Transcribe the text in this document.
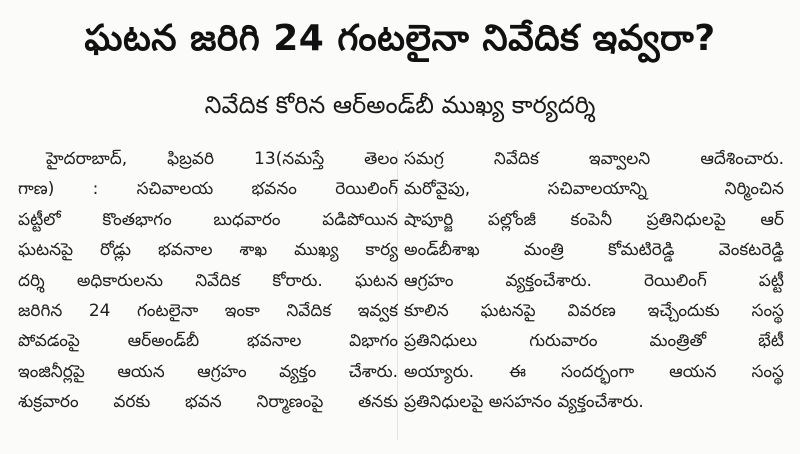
ఘటన జరిగి 24 గంటలైనా నివేదిక ఇవ్వరా?
నివేదిక కోరిన ఆర్‌అండ్‌బీ ముఖ్య కార్యదర్శి
హైదరాబాద్, ఫిబ్రవరి 13(నమస్తే తెలం
గాణ) : సచివాలయ భవనం రెయిలింగ్
పట్టీలో కొంతభాగం బుధవారం పడిపోయిన
ఘటనపై రోడ్లు భవనాల శాఖ ముఖ్య కార్య
దర్శి అధికారులను నివేదిక కోరారు. ఘటన
జరిగిన 24 గంటలైనా ఇంకా నివేదిక ఇవ్వక
పోవడంపై ఆర్‌అండ్‌బీ భవనాల విభాగం
ఇంజినీర్లపై ఆయన ఆగ్రహం వ్యక్తం చేశారు.
శుక్రవారం వరకు భవన నిర్మాణంపై తనకు
సమగ్ర నివేదిక ఇవ్వాలని ఆదేశించారు.
మరోవైపు, సచివాలయాన్ని నిర్మించిన
షాపూర్జి పల్లోంజీ కంపెనీ ప్రతినిధులపై ఆర్
అండ్‌బీశాఖ మంత్రి కోమటిరెడ్డి వెంకటరెడ్డి
ఆగ్రహం వ్యక్తంచేశారు. రెయిలింగ్ పట్టీ
కూలిన ఘటనపై వివరణ ఇచ్చేందుకు సంస్థ
ప్రతినిధులు గురువారం మంత్రితో భేటీ
అయ్యారు. ఈ సందర్భంగా ఆయన సంస్థ
ప్రతినిధులపై అసహనం వ్యక్తంచేశారు.
